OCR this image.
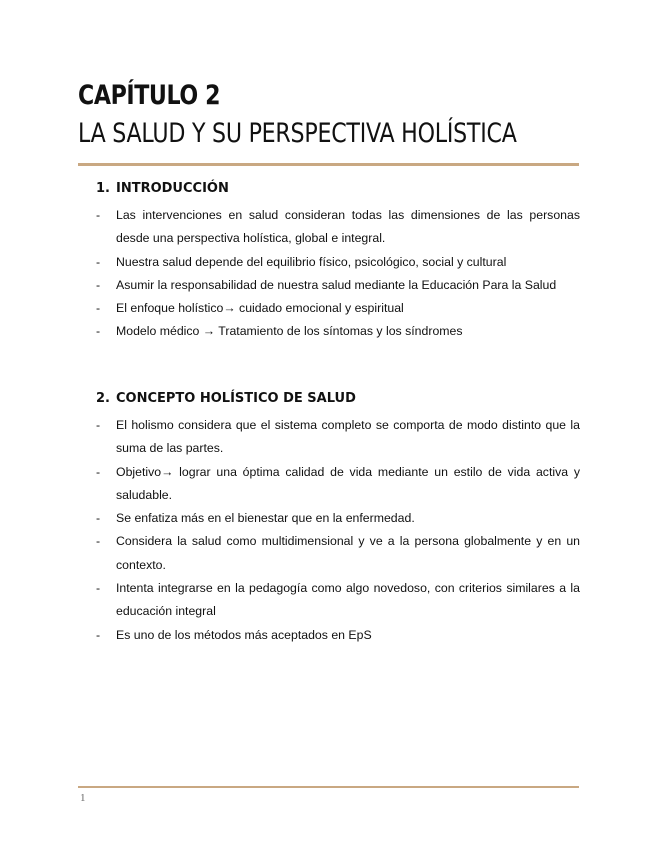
CAPÍTULO 2
LA SALUD Y SU PERSPECTIVA HOLÍSTICA
1. INTRODUCCIÓN
- Las intervenciones en salud consideran todas las dimensiones de las personas desde una perspectiva holística, global e integral.
- Nuestra salud depende del equilibrio físico, psicológico, social y cultural
- Asumir la responsabilidad de nuestra salud mediante la Educación Para la Salud
- El enfoque holístico→ cuidado emocional y espiritual
- Modelo médico → Tratamiento de los síntomas y los síndromes
2. CONCEPTO HOLÍSTICO DE SALUD
- El holismo considera que el sistema completo se comporta de modo distinto que la suma de las partes.
- Objetivo→ lograr una óptima calidad de vida mediante un estilo de vida activa y saludable.
- Se enfatiza más en el bienestar que en la enfermedad.
- Considera la salud como multidimensional y ve a la persona globalmente y en un contexto.
- Intenta integrarse en la pedagogía como algo novedoso, con criterios similares a la educación integral
- Es uno de los métodos más aceptados en EpS
1
